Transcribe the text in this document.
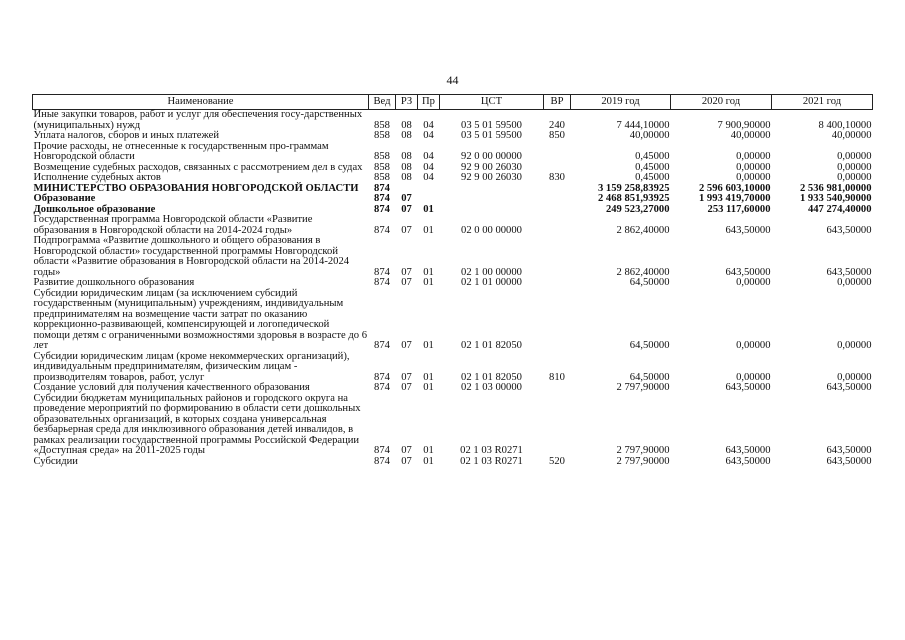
44
Наименование	Вед	РЗ	Пр	ЦСТ	ВР	2019 год	2020 год	2021 год
Иные закупки товаров, работ и услуг для обеспечения госу-дарственных (муниципальных) нужд	858	08	04	03 5 01 59500	240	7 444,10000	7 900,90000	8 400,10000
Уплата налогов, сборов и иных платежей	858	08	04	03 5 01 59500	850	40,00000	40,00000	40,00000
Прочие расходы, не отнесенные к государственным про-граммам Новгородской области	858	08	04	92 0 00 00000		0,45000	0,00000	0,00000
Возмещение судебных расходов, связанных с рассмотрением дел в судах	858	08	04	92 9 00 26030		0,45000	0,00000	0,00000
Исполнение судебных актов	858	08	04	92 9 00 26030	830	0,45000	0,00000	0,00000
МИНИСТЕРСТВО ОБРАЗОВАНИЯ НОВГОРОДСКОЙ ОБЛАСТИ	874					3 159 258,83925	2 596 603,10000	2 536 981,00000
Образование	874	07				2 468 851,93925	1 993 419,70000	1 933 540,90000
Дошкольное образование	874	07	01			249 523,27000	253 117,60000	447 274,40000
Государственная программа Новгородской области «Развитие образования в Новгородской области на 2014-2024 годы»	874	07	01	02 0 00 00000		2 862,40000	643,50000	643,50000
Подпрограмма «Развитие дошкольного и общего образования в Новгородской области» государственной программы Новгородской области «Развитие образования в Новгородской области на 2014-2024 годы»	874	07	01	02 1 00 00000		2 862,40000	643,50000	643,50000
Развитие дошкольного образования	874	07	01	02 1 01 00000		64,50000	0,00000	0,00000
Субсидии юридическим лицам (за исключением субсидий государственным (муниципальным) учреждениям, индивидуальным предпринимателям на возмещение части затрат по оказанию коррекционно-развивающей, компенсирующей и логопедической помощи детям с ограниченными возможностями здоровья в возрасте до 6 лет	874	07	01	02 1 01 82050		64,50000	0,00000	0,00000
Субсидии юридическим лицам (кроме некоммерческих организаций), индивидуальным предпринимателям, физическим лицам - производителям товаров, работ, услуг	874	07	01	02 1 01 82050	810	64,50000	0,00000	0,00000
Создание условий для получения качественного образования	874	07	01	02 1 03 00000		2 797,90000	643,50000	643,50000
Субсидии бюджетам муниципальных районов и городского округа на проведение мероприятий по формированию в области сети дошкольных образовательных организаций, в которых создана универсальная безбарьерная среда для инклюзивного образования детей инвалидов, в рамках реализации государственной программы Российской Федерации «Доступная среда» на 2011-2025 годы	874	07	01	02 1 03 R0271		2 797,90000	643,50000	643,50000
Субсидии	874	07	01	02 1 03 R0271	520	2 797,90000	643,50000	643,50000
